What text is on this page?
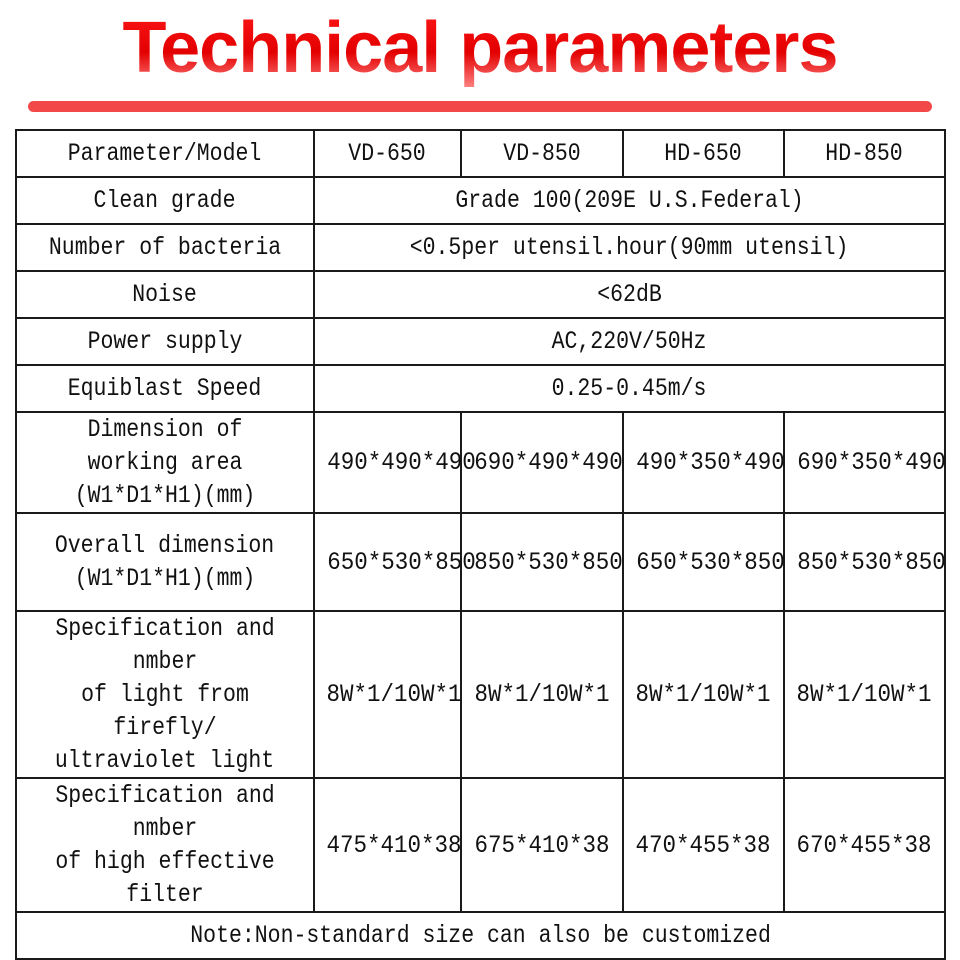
Technical parameters
Parameter/Model	VD-650	VD-850	HD-650	HD-850
Clean grade	Grade 100(209E U.S.Federal)			
Number of bacteria	<0.5per utensil.hour(90mm utensil)			
Noise	<62dB			
Power supply	AC,220V/50Hz			
Equiblast Speed	0.25-0.45m/s			
Dimension of working area
(W1*D1*H1)(mm)	490*490*490	690*490*490	490*350*490	690*350*490
Overall dimension
(W1*D1*H1)(mm)	650*530*850	850*530*850	650*530*850	850*530*850
Specification and nmber
of light from firefly/
ultraviolet light	8W*1/10W*1	8W*1/10W*1	8W*1/10W*1	8W*1/10W*1
Specification and nmber
of high effective filter	475*410*38	675*410*38	470*455*38	670*455*38
Note:Non-standard size can also be customized				
